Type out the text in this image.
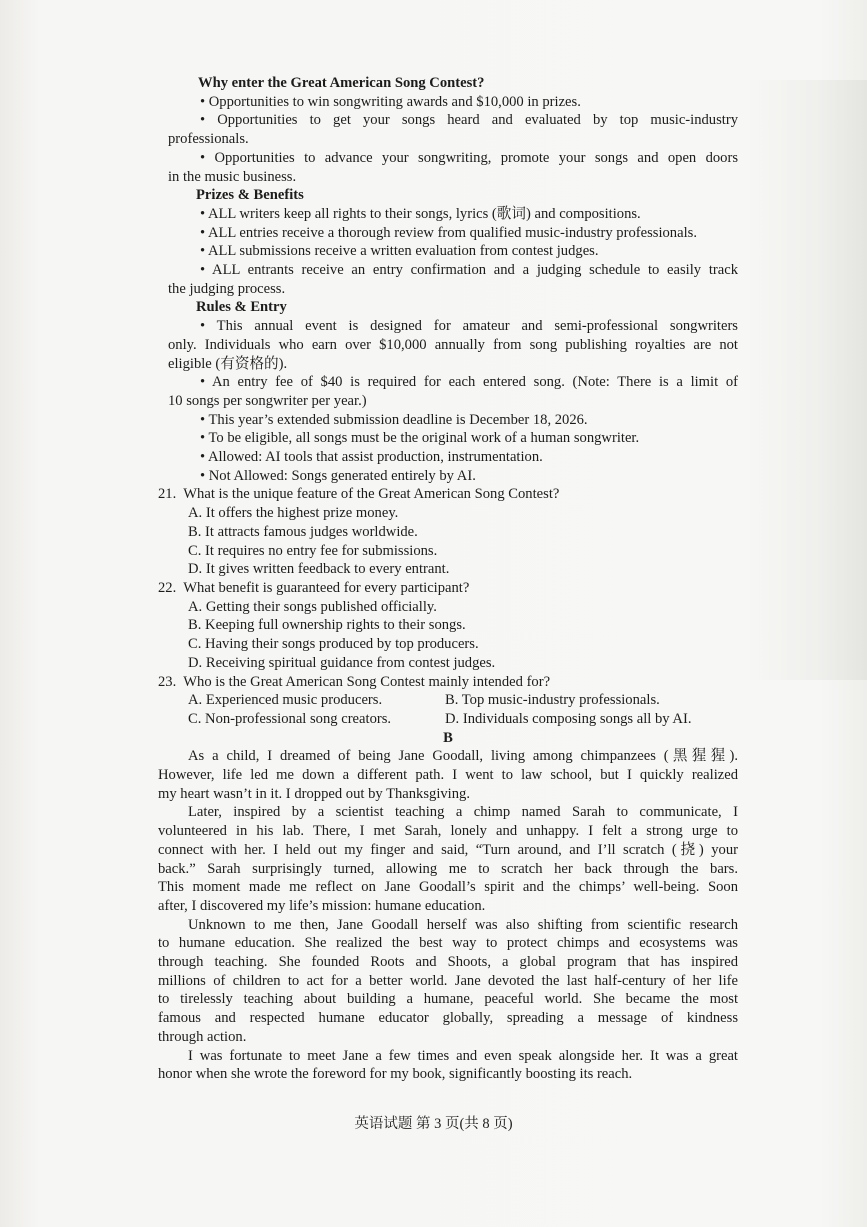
Why enter the Great American Song Contest?
• Opportunities to win songwriting awards and $10,000 in prizes.
• Opportunities to get your songs heard and evaluated by top music-industry
professionals.
• Opportunities to advance your songwriting, promote your songs and open doors
in the music business.
Prizes & Benefits
• ALL writers keep all rights to their songs, lyrics (歌词) and compositions.
• ALL entries receive a thorough review from qualified music-industry professionals.
• ALL submissions receive a written evaluation from contest judges.
• ALL entrants receive an entry confirmation and a judging schedule to easily track
the judging process.
Rules & Entry
• This annual event is designed for amateur and semi-professional songwriters
only. Individuals who earn over $10,000 annually from song publishing royalties are not
eligible (有资格的).
• An entry fee of $40 is required for each entered song. (Note: There is a limit of
10 songs per songwriter per year.)
• This year’s extended submission deadline is December 18, 2026.
• To be eligible, all songs must be the original work of a human songwriter.
• Allowed: AI tools that assist production, instrumentation.
• Not Allowed: Songs generated entirely by AI.
21.  What is the unique feature of the Great American Song Contest?
A. It offers the highest prize money.
B. It attracts famous judges worldwide.
C. It requires no entry fee for submissions.
D. It gives written feedback to every entrant.
22.  What benefit is guaranteed for every participant?
A. Getting their songs published officially.
B. Keeping full ownership rights to their songs.
C. Having their songs produced by top producers.
D. Receiving spiritual guidance from contest judges.
23.  Who is the Great American Song Contest mainly intended for?
A. Experienced music producers.	B. Top music-industry professionals.
C. Non-professional song creators.	D. Individuals composing songs all by AI.
B
As a child, I dreamed of being Jane Goodall, living among chimpanzees (黑猩猩).
However, life led me down a different path. I went to law school, but I quickly realized
my heart wasn’t in it. I dropped out by Thanksgiving.
Later, inspired by a scientist teaching a chimp named Sarah to communicate, I
volunteered in his lab. There, I met Sarah, lonely and unhappy. I felt a strong urge to
connect with her. I held out my finger and said, “Turn around, and I’ll scratch (挠) your
back.” Sarah surprisingly turned, allowing me to scratch her back through the bars.
This moment made me reflect on Jane Goodall’s spirit and the chimps’ well-being. Soon
after, I discovered my life’s mission: humane education.
Unknown to me then, Jane Goodall herself was also shifting from scientific research
to humane education. She realized the best way to protect chimps and ecosystems was
through teaching. She founded Roots and Shoots, a global program that has inspired
millions of children to act for a better world. Jane devoted the last half-century of her life
to tirelessly teaching about building a humane, peaceful world. She became the most
famous and respected humane educator globally, spreading a message of kindness
through action.
I was fortunate to meet Jane a few times and even speak alongside her. It was a great
honor when she wrote the foreword for my book, significantly boosting its reach.
英语试题 第 3 页(共 8 页)
